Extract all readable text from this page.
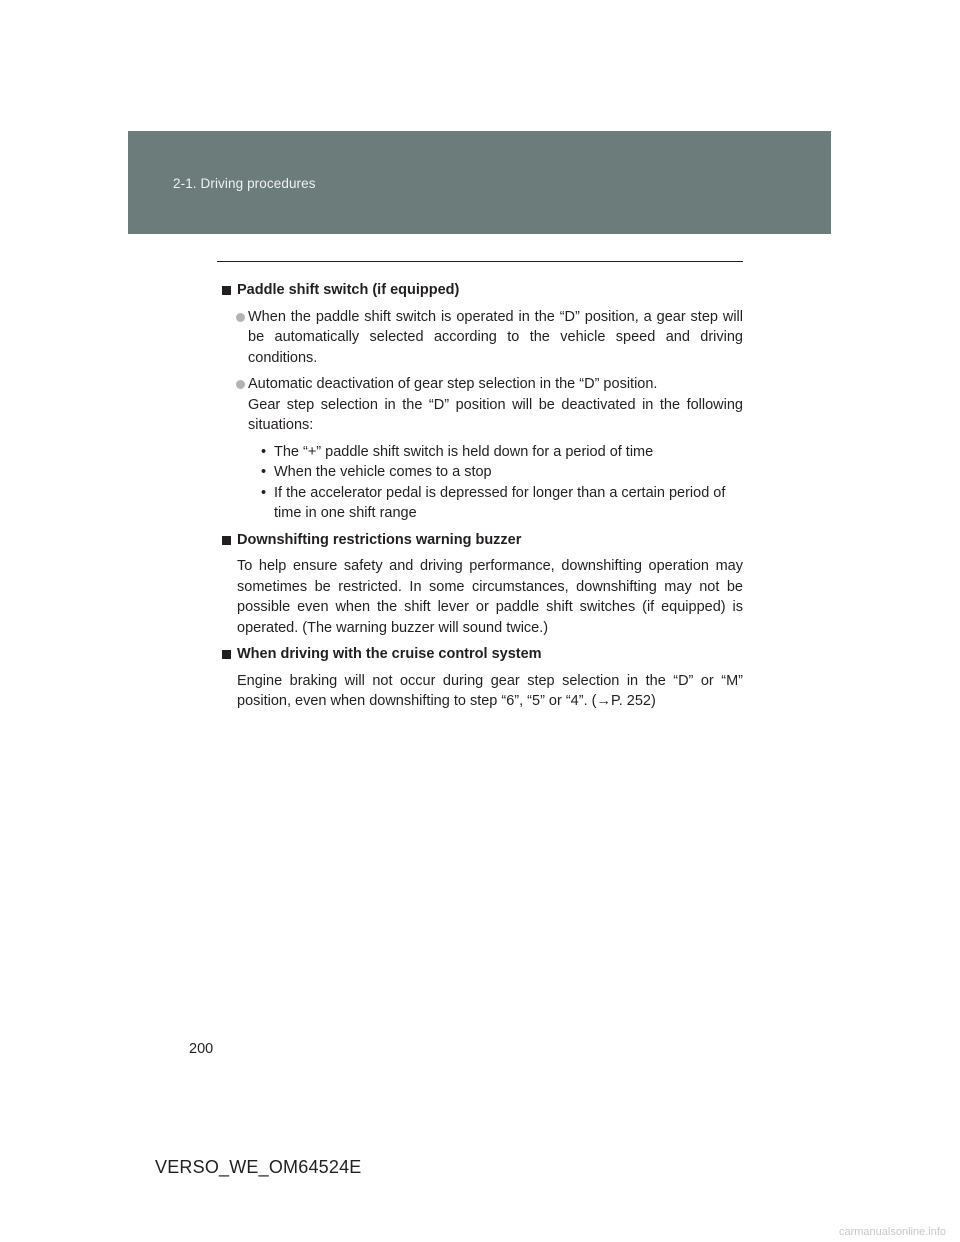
2-1. Driving procedures
Paddle shift switch (if equipped)
When the paddle shift switch is operated in the “D” position, a gear step will be automatically selected according to the vehicle speed and driving conditions.
Automatic deactivation of gear step selection in the “D” position.
Gear step selection in the “D” position will be deactivated in the following situations:
• The “+” paddle shift switch is held down for a period of time
• When the vehicle comes to a stop
• If the accelerator pedal is depressed for longer than a certain period of time in one shift range
Downshifting restrictions warning buzzer
To help ensure safety and driving performance, downshifting operation may sometimes be restricted. In some circumstances, downshifting may not be possible even when the shift lever or paddle shift switches (if equipped) is operated. (The warning buzzer will sound twice.)
When driving with the cruise control system
Engine braking will not occur during gear step selection in the “D” or “M” position, even when downshifting to step “6”, “5” or “4”. (→P. 252)
200
VERSO_WE_OM64524E
carmanualsonline.info
